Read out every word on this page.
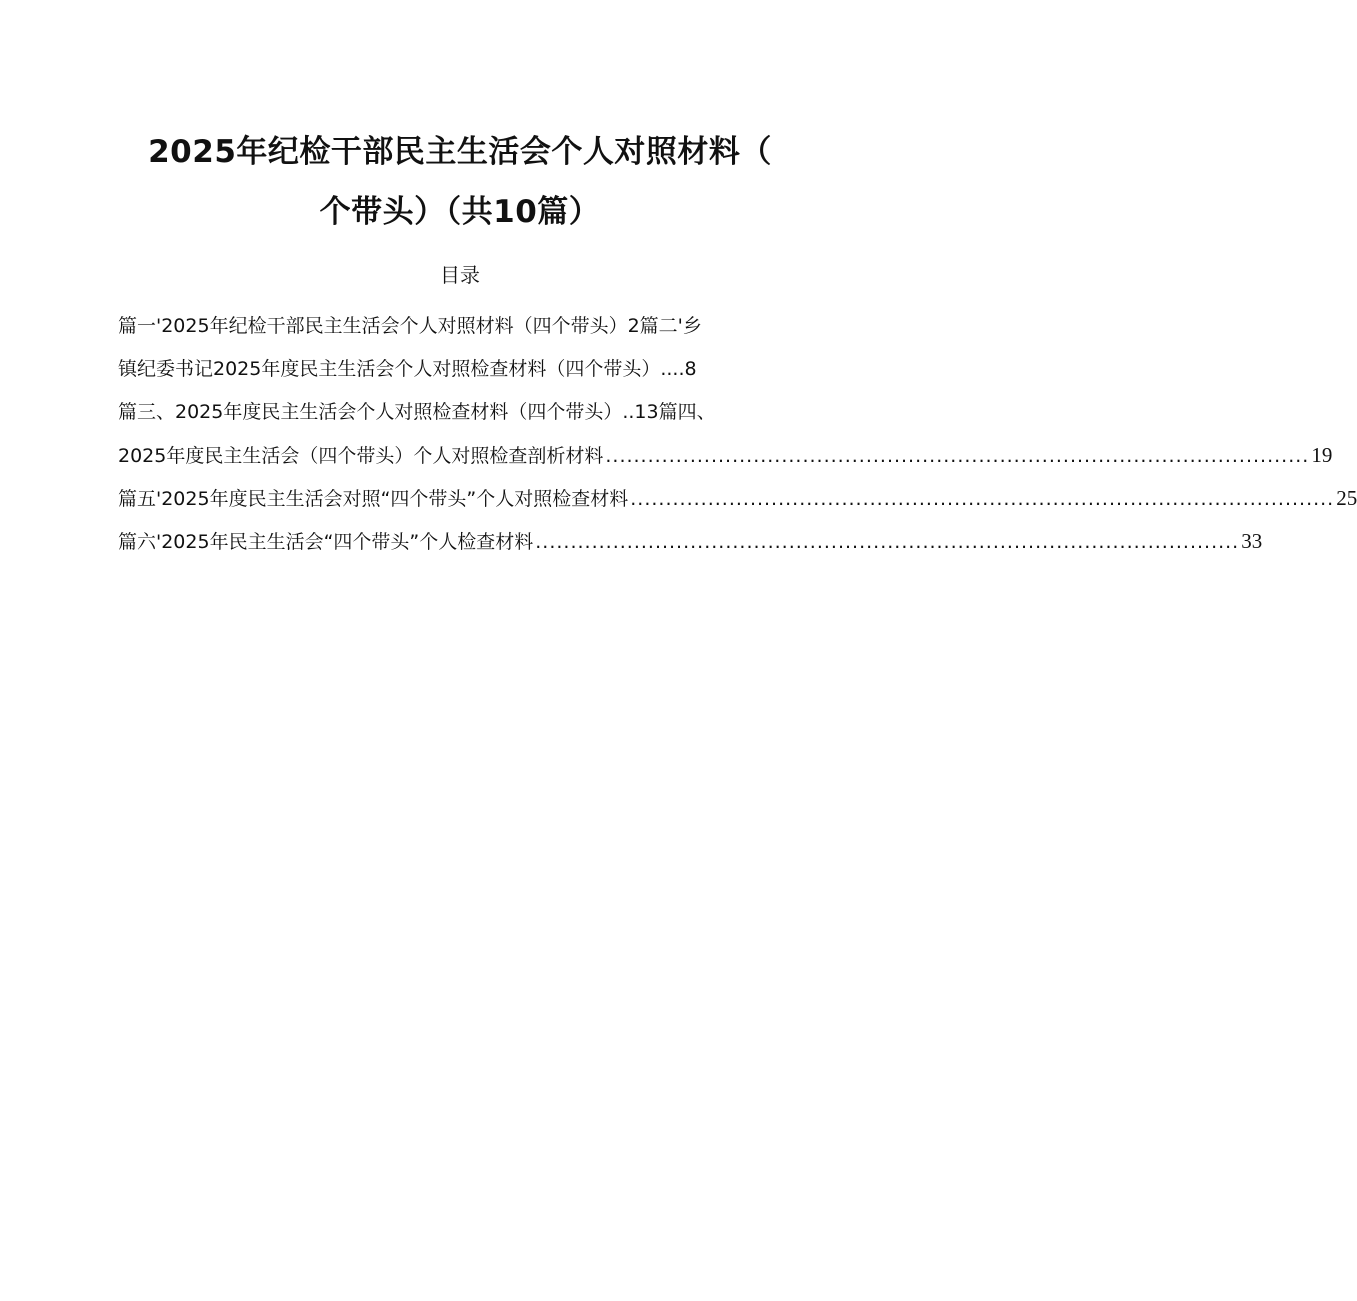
2025年纪检干部民主生活会个人对照材料（
个带头）（共10篇）
目录
篇一'2025年纪检干部民主生活会个人对照材料（四个带头）2篇二'乡
镇纪委书记2025年度民主生活会个人对照检查材料（四个带头）....8
篇三、2025年度民主生活会个人对照检查材料（四个带头）..13篇四、
2025年度民主生活会（四个带头）个人对照检查剖析材料 .................................................................................................... 19
篇五'2025年度民主生活会对照“四个带头”个人对照检查材料 .................................................................................................... 25
篇六'2025年民主生活会“四个带头”个人检查材料 .................................................................................................... 33
